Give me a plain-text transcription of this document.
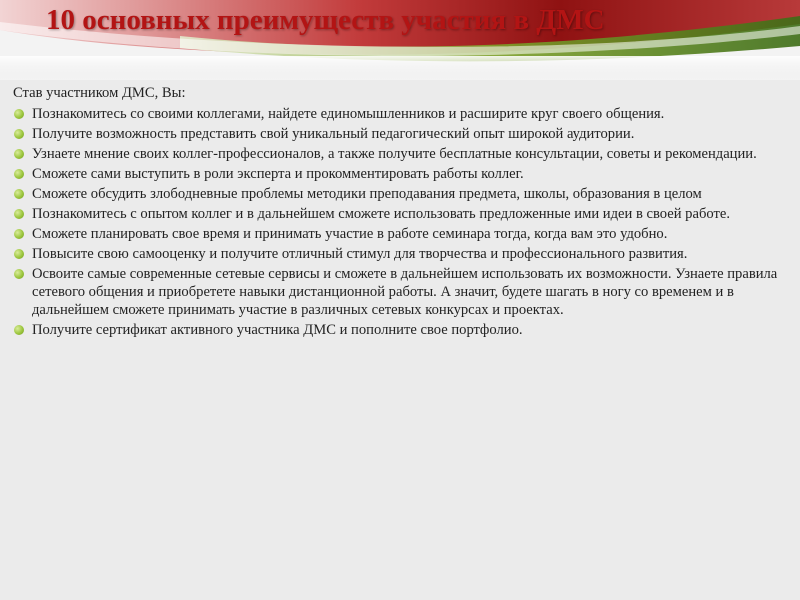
10 основных преимуществ участия в ДМС

Став участником ДМС, Вы:

Познакомитесь со своими коллегами, найдете единомышленников и расширите круг своего общения.
Получите возможность представить свой уникальный педагогический опыт широкой аудитории.
Узнаете мнение своих коллег-профессионалов, а также получите бесплатные консультации, советы и рекомендации.
Сможете сами выступить в роли эксперта и прокомментировать работы коллег.
Сможете обсудить злободневные проблемы методики преподавания предмета, школы, образования в целом
Познакомитесь с опытом коллег и в дальнейшем сможете использовать предложенные ими идеи в своей работе.
Сможете планировать свое время и принимать участие в работе семинара тогда, когда вам это удобно.
Повысите свою самооценку и получите отличный стимул для творчества и профессионального развития.
Освоите самые современные сетевые сервисы и сможете в дальнейшем использовать их возможности. Узнаете правила сетевого общения и приобретете навыки дистанционной работы. А значит, будете шагать в ногу со временем и в дальнейшем сможете принимать участие в различных сетевых конкурсах и проектах.
Получите сертификат активного участника ДМС и пополните свое портфолио.
